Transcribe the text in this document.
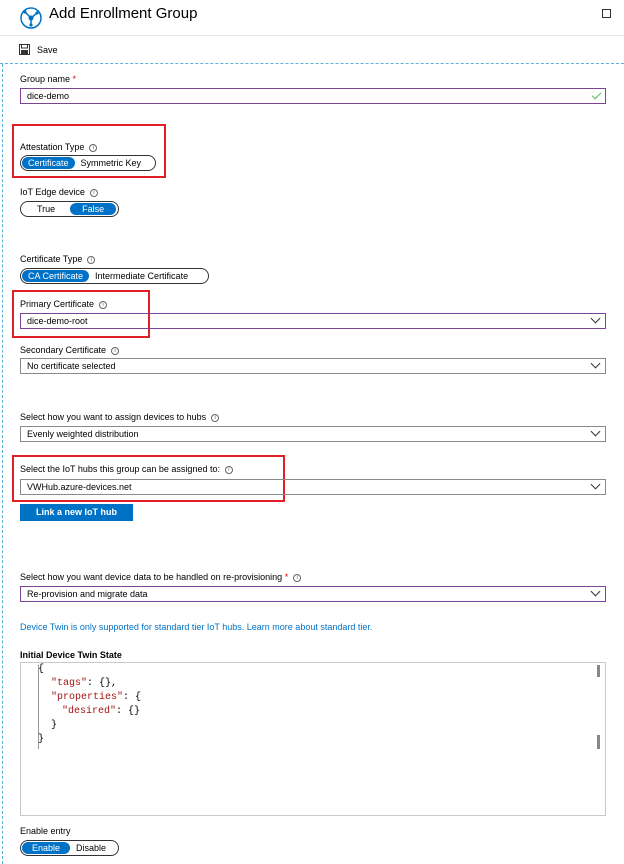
Add Enrollment Group
Save
Group name *
dice-demo
Attestation Type i
Certificate	Symmetric Key
IoT Edge device i
True	False
Certificate Type i
CA Certificate	Intermediate Certificate
Primary Certificate i
dice-demo-root
Secondary Certificate i
No certificate selected
Select how you want to assign devices to hubs i
Evenly weighted distribution
Select the IoT hubs this group can be assigned to: i
VWHub.azure-devices.net
Link a new IoT hub
Select how you want device data to be handled on re-provisioning * i
Re-provision and migrate data
Device Twin is only supported for standard tier IoT hubs. Learn more about standard tier.
Initial Device Twin State
{
"tags": {},
"properties": {
"desired": {}
}
}
Enable entry
Enable	Disable
